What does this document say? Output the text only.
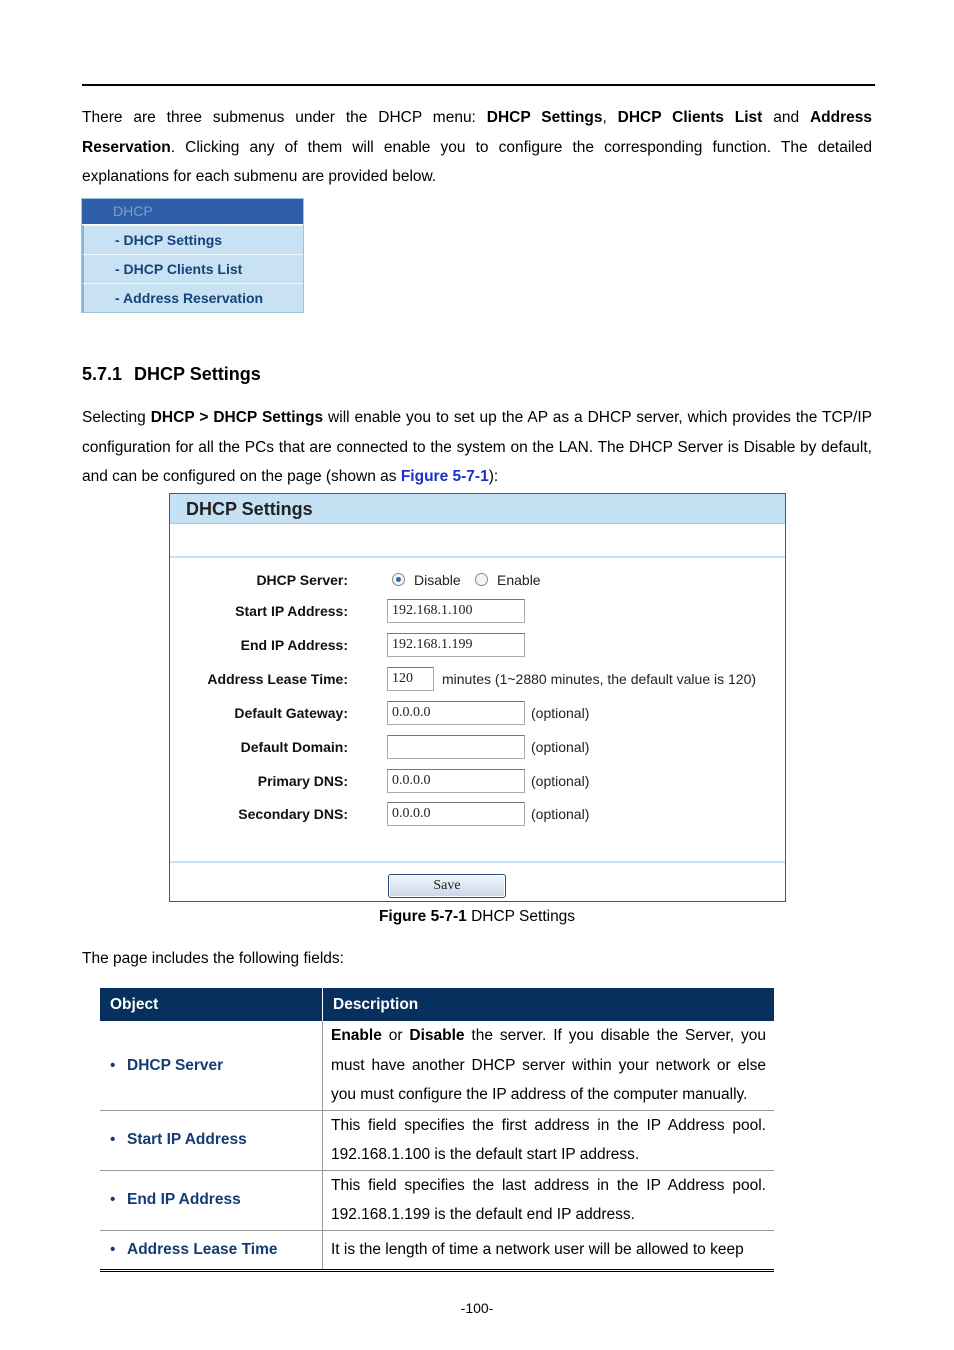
There are three submenus under the DHCP menu: DHCP Settings, DHCP Clients List and Address Reservation. Clicking any of them will enable you to configure the corresponding function. The detailed explanations for each submenu are provided below.

DHCP
- DHCP Settings
- DHCP Clients List
- Address Reservation
5.7.1 DHCP Settings

Selecting DHCP > DHCP Settings will enable you to set up the AP as a DHCP server, which provides the TCP/IP configuration for all the PCs that are connected to the system on the LAN. The DHCP Server is Disable by default, and can be configured on the page (shown as Figure 5-7-1):

DHCP Settings
DHCP Server:	Disable	Enable
Start IP Address:	192.168.1.100
End IP Address:	192.168.1.199
Address Lease Time:	120	minutes (1~2880 minutes, the default value is 120)
Default Gateway:	0.0.0.0	(optional)
Default Domain:	(optional)
Primary DNS:	0.0.0.0	(optional)
Secondary DNS:	0.0.0.0	(optional)
Save
Figure 5-7-1 DHCP Settings

The page includes the following fields:

Object	Description
• DHCP Server	Enable or Disable the server. If you disable the Server, you must have another DHCP server within your network or else you must configure the IP address of the computer manually.
• Start IP Address	This field specifies the first address in the IP Address pool. 192.168.1.100 is the default start IP address.
• End IP Address	This field specifies the last address in the IP Address pool. 192.168.1.199 is the default end IP address.
• Address Lease Time	It is the length of time a network user will be allowed to keep
-100-
